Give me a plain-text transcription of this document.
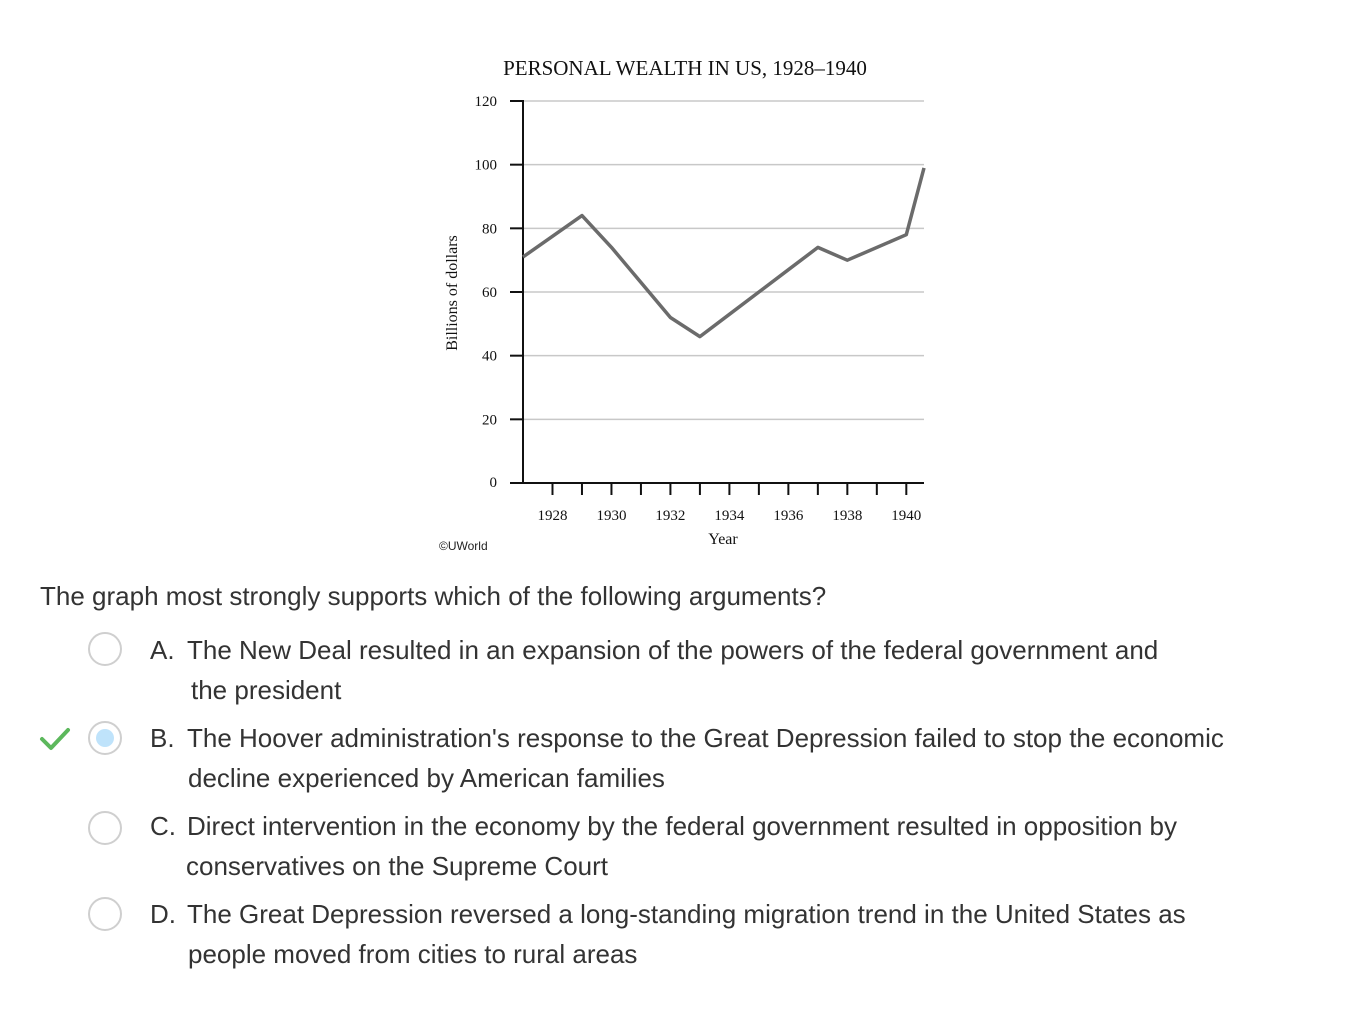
PERSONAL WEALTH IN US, 1928–1940
0
20
40
60
80
100
120
1928 1930 1932 1934 1936 1938 1940
Billions of dollars
Year
©UWorld

The graph most strongly supports which of the following arguments?

A. The New Deal resulted in an expansion of the powers of the federal government and
the president
B. The Hoover administration's response to the Great Depression failed to stop the economic
decline experienced by American families
C. Direct intervention in the economy by the federal government resulted in opposition by
conservatives on the Supreme Court
D. The Great Depression reversed a long-standing migration trend in the United States as
people moved from cities to rural areas
